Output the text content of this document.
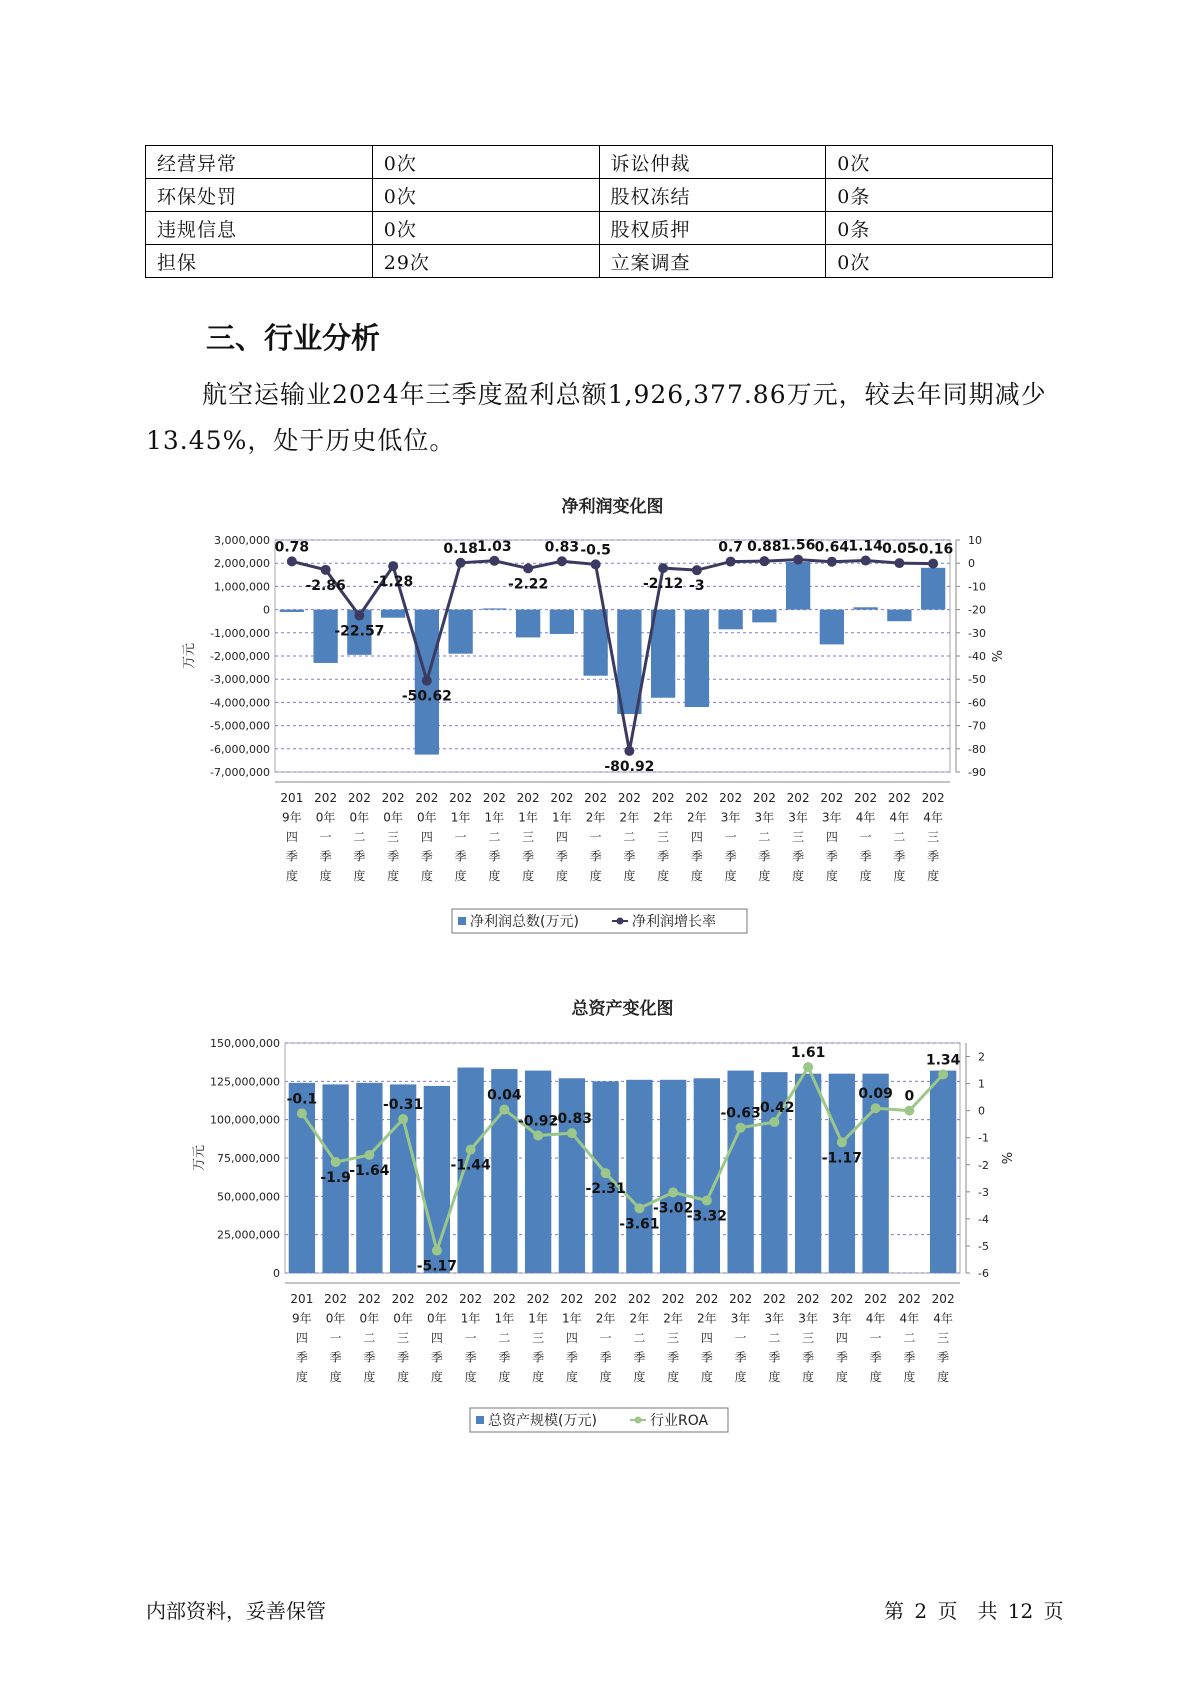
经营异常	0次	诉讼仲裁	0次
环保处罚	0次	股权冻结	0条
违规信息	0次	股权质押	0条
担保	29次	立案调查	0次
三、行业分析

航空运输业2024年三季度盈利总额1,926,377.86万元，较去年同期减少13.45%，处于历史低位。

净利润变化图
3,000,000
2,000,000
1,000,000
0
-1,000,000
-2,000,000
-3,000,000
-4,000,000
-5,000,000
-6,000,000
-7,000,000
10
0
-10
-20
-30
-40
-50
-60
-70
-80
-90
万元	%
0.78
-2.86
-22.57
-1.28
-50.62
0.18 1.03
-2.22
0.83 -0.5
-80.92
-2.12 -3
0.7 0.88 1.56 0.64 1.14 0.05
-0.16
201 9年四季度
202 0年一季度
202 0年二季度
202 0年三季度
202 0年四季度
202 1年一季度
202 1年二季度
202 1年三季度
202 1年四季度
202 2年一季度
202 2年二季度
202 2年三季度
202 2年四季度
202 3年一季度
202 3年二季度
202 3年三季度
202 3年四季度
202 4年一季度
202 4年二季度
202 4年三季度
净利润总数(万元)	净利润增长率
总资产变化图
150,000,000
125,000,000
100,000,000
75,000,000
50,000,000
25,000,000
0
2
1
0
-1
-2
-3
-4
-5
-6
万元	%
-0.1
-1.9
-1.64
-0.31
-5.17
-1.44
0.04
-0.92
-0.83
-2.31
-3.61
-3.02
-3.32
-0.63
-0.42
1.61
-1.17
0.09 0
1.34
201 9年四季度
202 0年一季度
202 0年二季度
202 0年三季度
202 0年四季度
202 1年一季度
202 1年二季度
202 1年三季度
202 1年四季度
202 2年一季度
202 2年二季度
202 2年三季度
202 2年四季度
202 3年一季度
202 3年二季度
202 3年三季度
202 3年四季度
202 4年一季度
202 4年二季度
202 4年三季度
总资产规模(万元)	行业ROA
内部资料，妥善保管	第 2 页　共 12 页
